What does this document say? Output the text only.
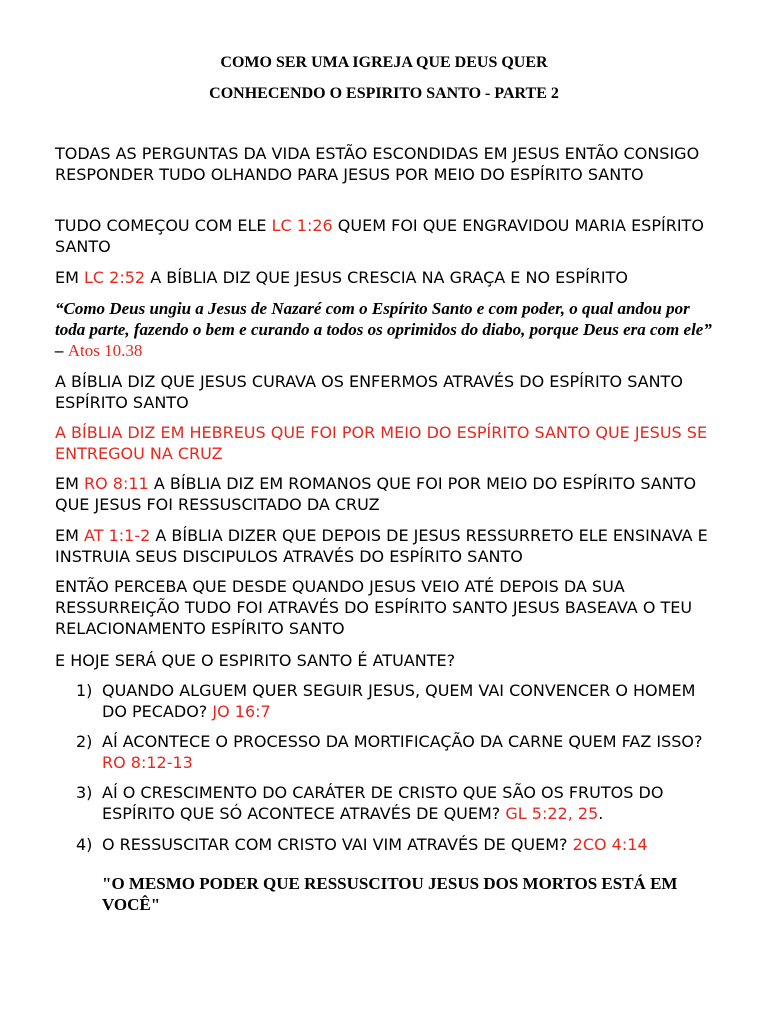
COMO SER UMA IGREJA QUE DEUS QUER

CONHECENDO O ESPIRITO SANTO - PARTE 2

TODAS AS PERGUNTAS DA VIDA ESTÃO ESCONDIDAS EM JESUS ENTÃO CONSIGO RESPONDER TUDO OLHANDO PARA JESUS POR MEIO DO ESPÍRITO SANTO

TUDO COMEÇOU COM ELE LC 1:26 QUEM FOI QUE ENGRAVIDOU MARIA ESPÍRITO SANTO

EM LC 2:52 A BÍBLIA DIZ QUE JESUS CRESCIA NA GRAÇA E NO ESPÍRITO

“Como Deus ungiu a Jesus de Nazaré com o Espírito Santo e com poder, o qual andou por toda parte, fazendo o bem e curando a todos os oprimidos do diabo, porque Deus era com ele” – Atos 10.38

A BÍBLIA DIZ QUE JESUS CURAVA OS ENFERMOS ATRAVÉS DO ESPÍRITO SANTO ESPÍRITO SANTO

A BÍBLIA DIZ EM HEBREUS QUE FOI POR MEIO DO ESPÍRITO SANTO QUE JESUS SE ENTREGOU NA CRUZ

EM RO 8:11 A BÍBLIA DIZ EM ROMANOS QUE FOI POR MEIO DO ESPÍRITO SANTO QUE JESUS FOI RESSUSCITADO DA CRUZ

EM AT 1:1-2 A BÍBLIA DIZER QUE DEPOIS DE JESUS RESSURRETO ELE ENSINAVA E INSTRUIA SEUS DISCIPULOS ATRAVÉS DO ESPÍRITO SANTO

ENTÃO PERCEBA QUE DESDE QUANDO JESUS VEIO ATÉ DEPOIS DA SUA RESSURREIÇÃO TUDO FOI ATRAVÉS DO ESPÍRITO SANTO JESUS BASEAVA O TEU RELACIONAMENTO ESPÍRITO SANTO

E HOJE SERÁ QUE O ESPIRITO SANTO É ATUANTE?

1) QUANDO ALGUEM QUER SEGUIR JESUS, QUEM VAI CONVENCER O HOMEM DO PECADO? JO 16:7
2) AÍ ACONTECE O PROCESSO DA MORTIFICAÇÃO DA CARNE QUEM FAZ ISSO? RO 8:12-13
3) AÍ O CRESCIMENTO DO CARÁTER DE CRISTO QUE SÃO OS FRUTOS DO ESPÍRITO QUE SÓ ACONTECE ATRAVÉS DE QUEM? GL 5:22, 25.
4) O RESSUSCITAR COM CRISTO VAI VIM ATRAVÉS DE QUEM? 2CO 4:14

"O MESMO PODER QUE RESSUSCITOU JESUS DOS MORTOS ESTÁ EM VOCÊ"
